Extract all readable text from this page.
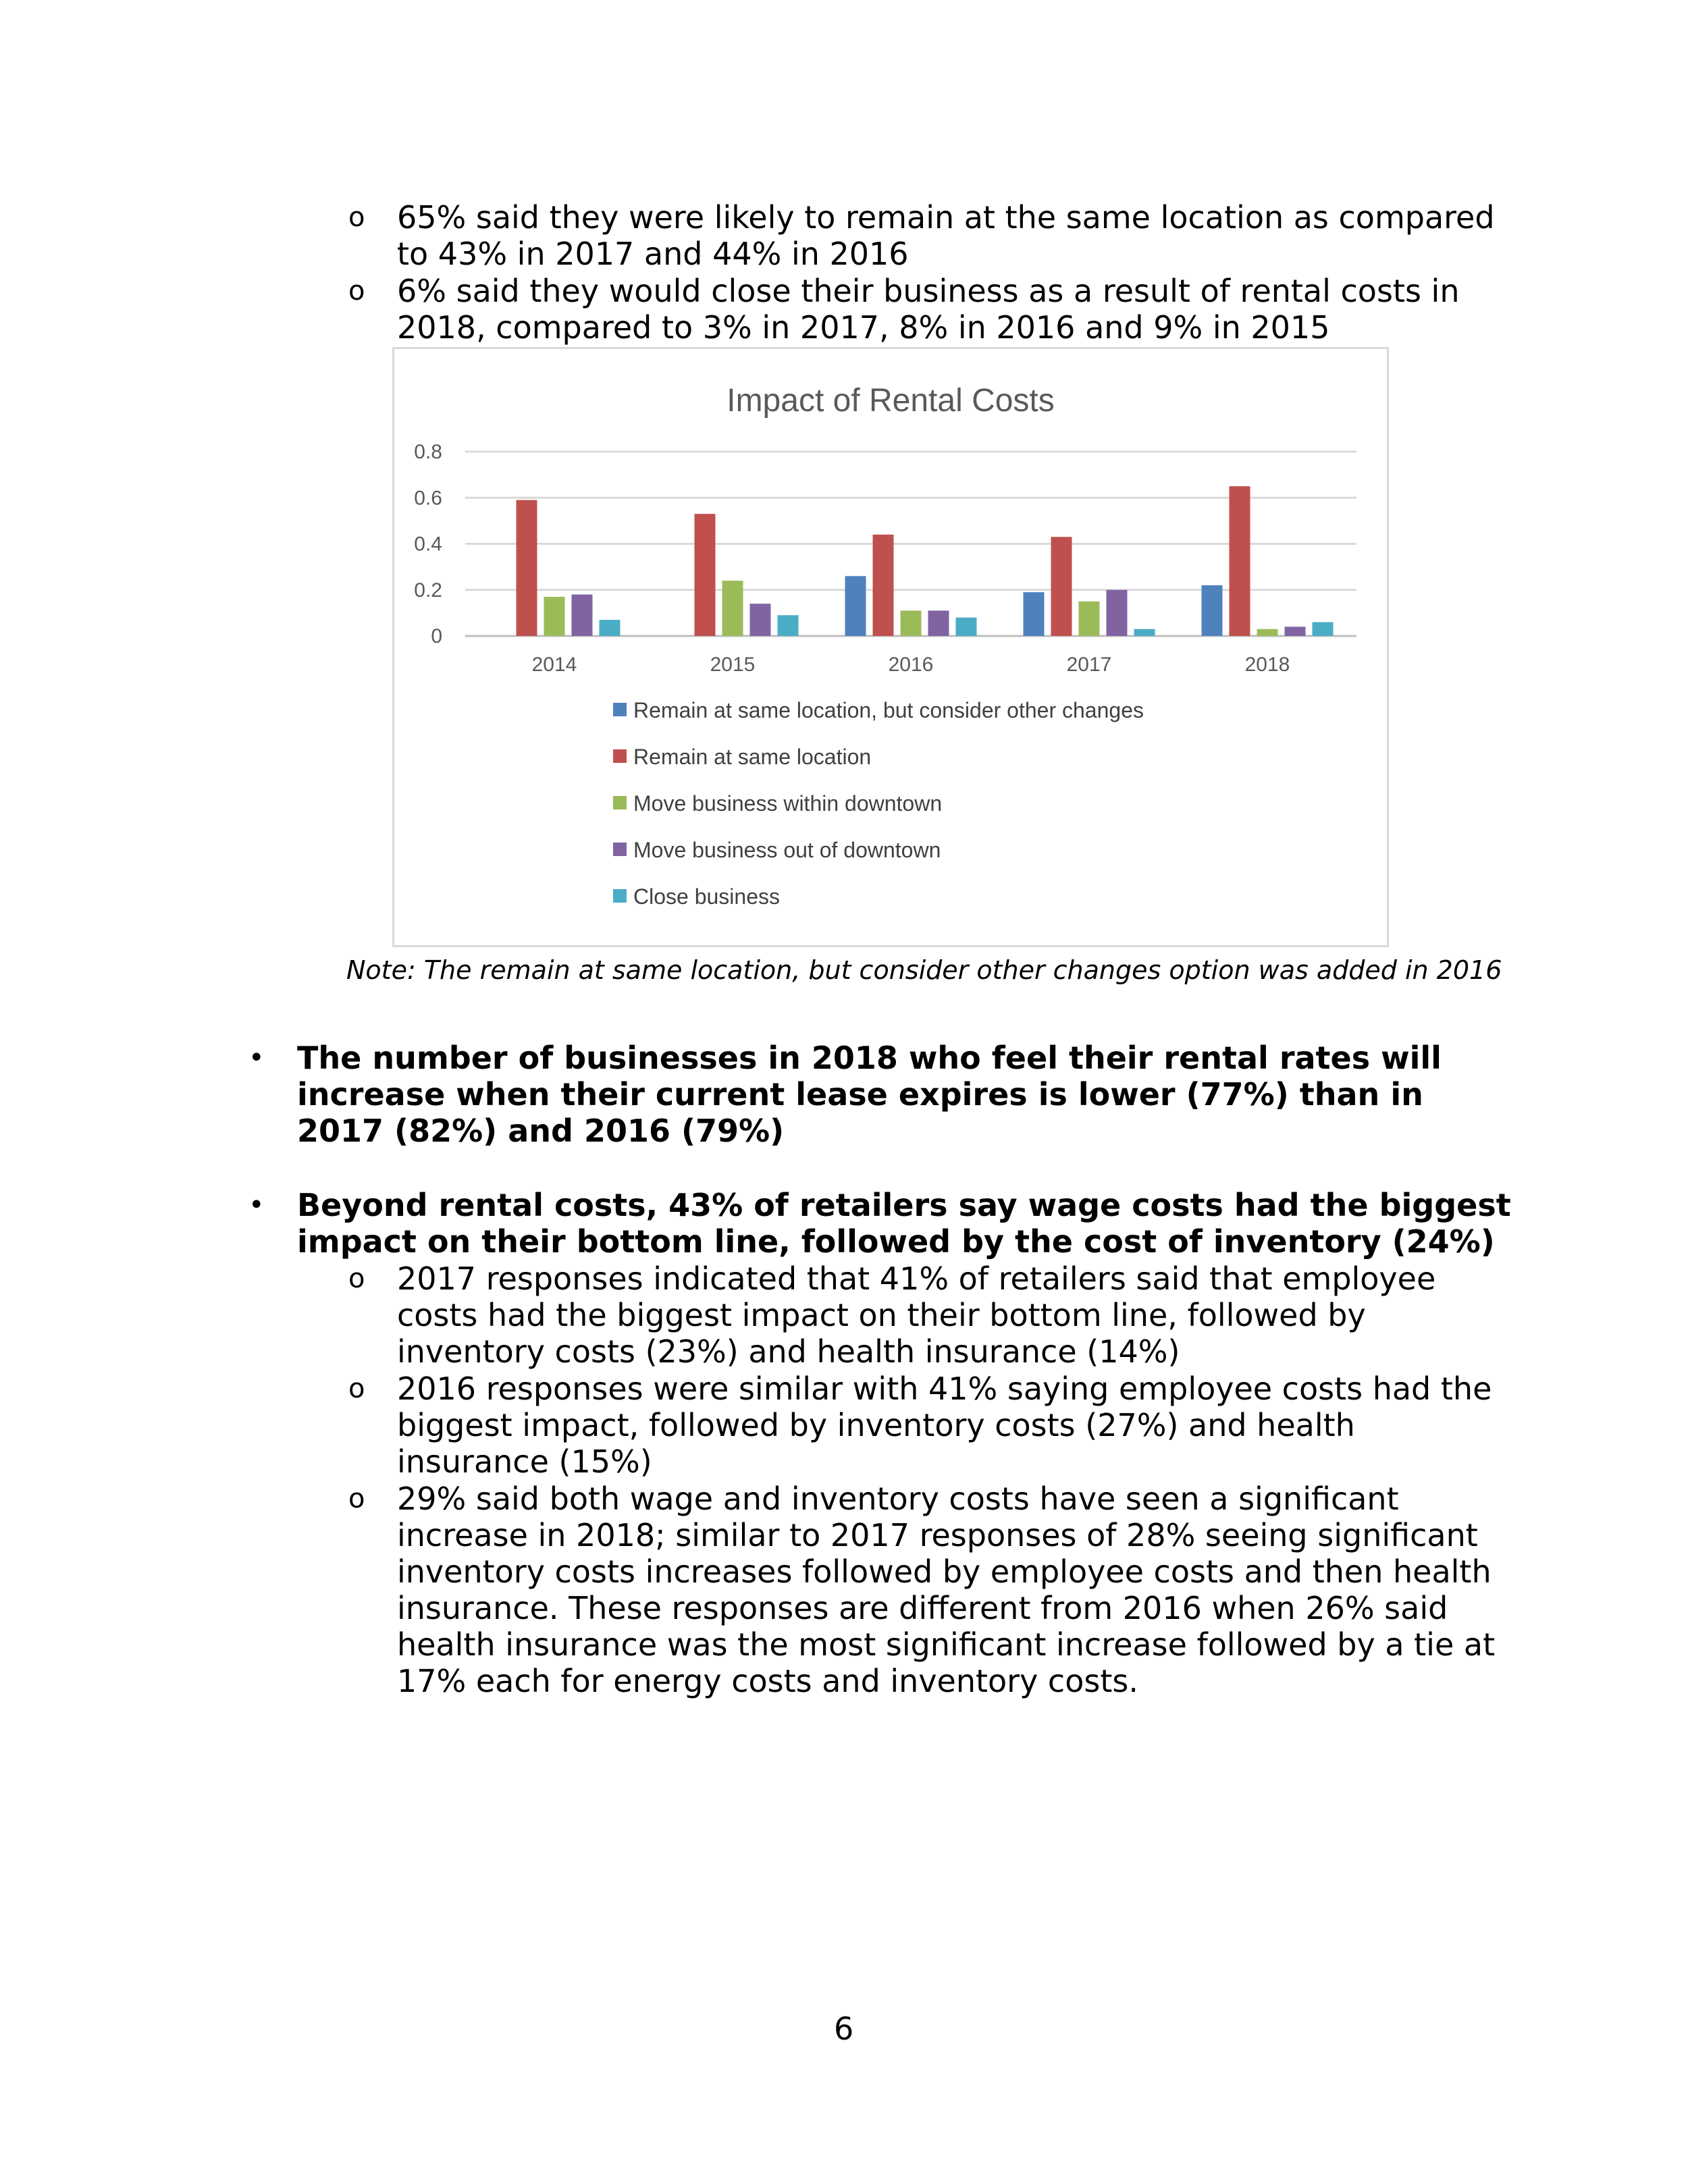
o 65% said they were likely to remain at the same location as compared
to 43% in 2017 and 44% in 2016
o 6% said they would close their business as a result of rental costs in
2018, compared to 3% in 2017, 8% in 2016 and 9% in 2015
Impact of Rental Costs
0.8
0.6
0.4
0.2
0
2014	2015	2016	2017	2018
Remain at same location, but consider other changes
Remain at same location
Move business within downtown
Move business out of downtown
Close business
Note: The remain at same location, but consider other changes option was added in 2016
• The number of businesses in 2018 who feel their rental rates will
increase when their current lease expires is lower (77%) than in
2017 (82%) and 2016 (79%)
• Beyond rental costs, 43% of retailers say wage costs had the biggest
impact on their bottom line, followed by the cost of inventory (24%)
o 2017 responses indicated that 41% of retailers said that employee
costs had the biggest impact on their bottom line, followed by
inventory costs (23%) and health insurance (14%)
o 2016 responses were similar with 41% saying employee costs had the
biggest impact, followed by inventory costs (27%) and health
insurance (15%)
o 29% said both wage and inventory costs have seen a significant
increase in 2018; similar to 2017 responses of 28% seeing significant
inventory costs increases followed by employee costs and then health
insurance. These responses are different from 2016 when 26% said
health insurance was the most significant increase followed by a tie at
17% each for energy costs and inventory costs.
6
